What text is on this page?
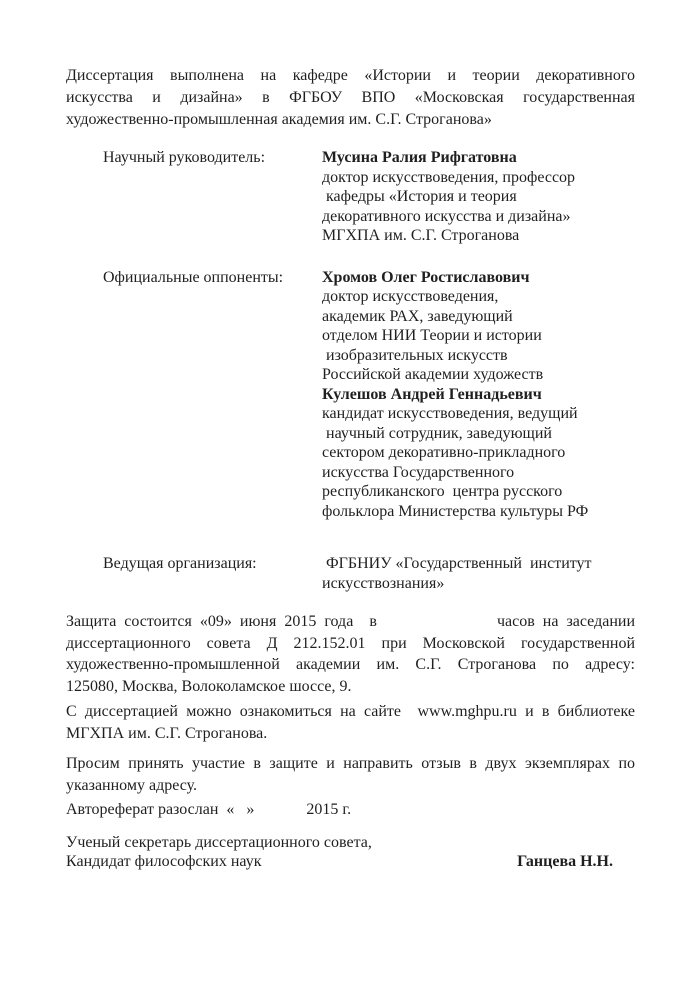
Диссертация выполнена на кафедре «Истории и теории декоративного
искусства и дизайна» в ФГБОУ ВПО «Московская государственная
художественно-промышленная академия им. С.Г. Строганова»
Научный руководитель:	Мусина Ралия Рифгатовна
доктор искусствоведения, профессор
кафедры «История и теория
декоративного искусства и дизайна»
МГХПА им. С.Г. Строганова
Официальные оппоненты:	Хромов Олег Ростиславович
доктор искусствоведения,
академик РАХ, заведующий
отделом НИИ Теории и истории
изобразительных искусств
Российской академии художеств
Кулешов Андрей Геннадьевич
кандидат искусствоведения, ведущий
научный сотрудник, заведующий
сектором декоративно-прикладного
искусства Государственного
республиканского  центра русского
фольклора Министерства культуры РФ
Ведущая организация:	ФГБНИУ «Государственный  институт
искусствознания»
Защита состоится «09» июня 2015 года  в               часов на заседании
диссертационного совета Д 212.152.01 при Московской государственной
художественно-промышленной академии им. С.Г. Строганова по адресу:
125080, Москва, Волоколамское шоссе, 9.
С диссертацией можно ознакомиться на сайте  www.mghpu.ru и в библиотеке
МГХПА им. С.Г. Строганова.
Просим принять участие в защите и направить отзыв в двух экземплярах по
указанному адресу.
Автореферат разослан  «   »             2015 г.
Ученый секретарь диссертационного совета,
Кандидат философских наук	Ганцева Н.Н.
